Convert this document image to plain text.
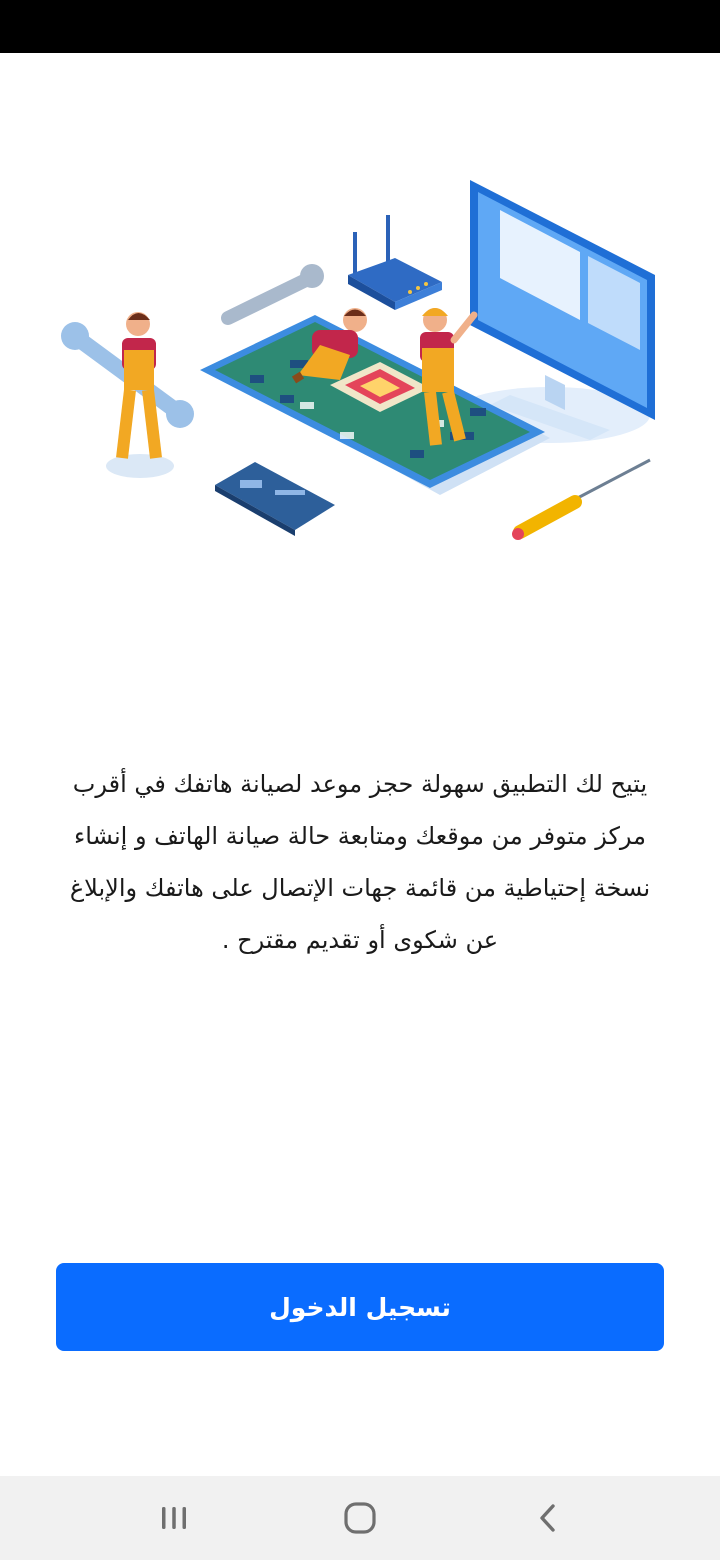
يتيح لك التطبيق سهولة حجز موعد لصيانة هاتفك في أقرب مركز متوفر من موقعك ومتابعة حالة صيانة الهاتف و إنشاء نسخة إحتياطية من قائمة جهات الإتصال على هاتفك والإبلاغ عن شكوى أو تقديم مقترح .
تسجيل الدخول
